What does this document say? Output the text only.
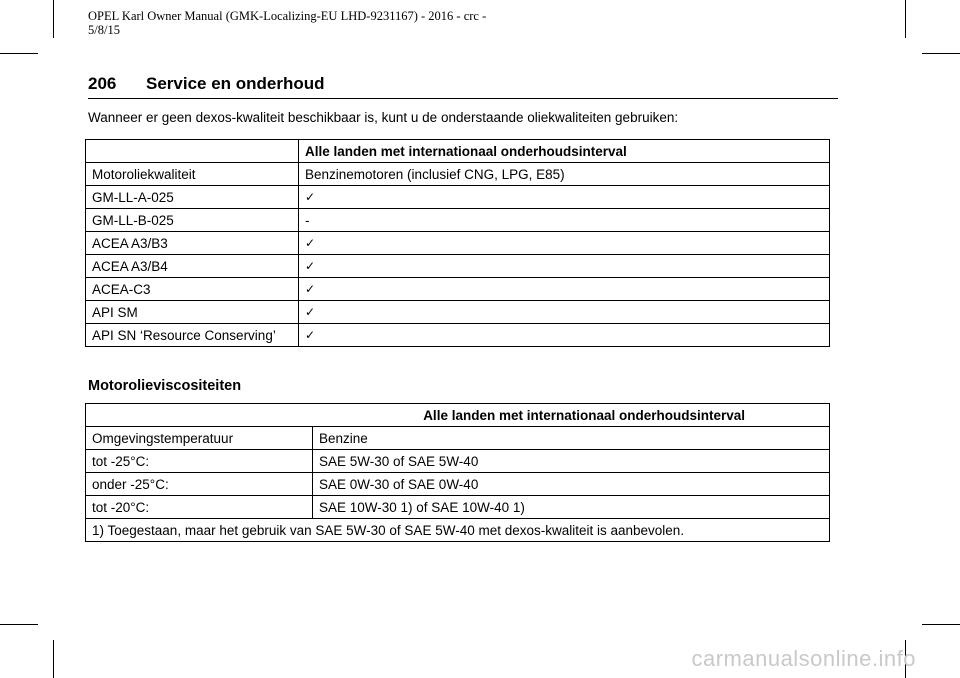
OPEL Karl Owner Manual (GMK-Localizing-EU LHD-9231167) - 2016 - crc -
5/8/15
206 Service en onderhoud
Wanneer er geen dexos-kwaliteit beschikbaar is, kunt u de onderstaande oliekwaliteiten gebruiken:
	Alle landen met internationaal onderhoudsinterval
Motoroliekwaliteit	Benzinemotoren (inclusief CNG, LPG, E85)
GM-LL-A-025	✓
GM-LL-B-025	-
ACEA A3/B3	✓
ACEA A3/B4	✓
ACEA-C3	✓
API SM	✓
API SN ‘Resource Conserving’	✓
Motorolieviscositeiten
Alle landen met internationaal onderhoudsinterval	
Omgevingstemperatuur	Benzine
tot -25°C:	SAE 5W-30 of SAE 5W-40
onder -25°C:	SAE 0W-30 of SAE 0W-40
tot -20°C:	SAE 10W-30 1) of SAE 10W-40 1)
1) Toegestaan, maar het gebruik van SAE 5W-30 of SAE 5W-40 met dexos-kwaliteit is aanbevolen.	
carmanualsonline.info
